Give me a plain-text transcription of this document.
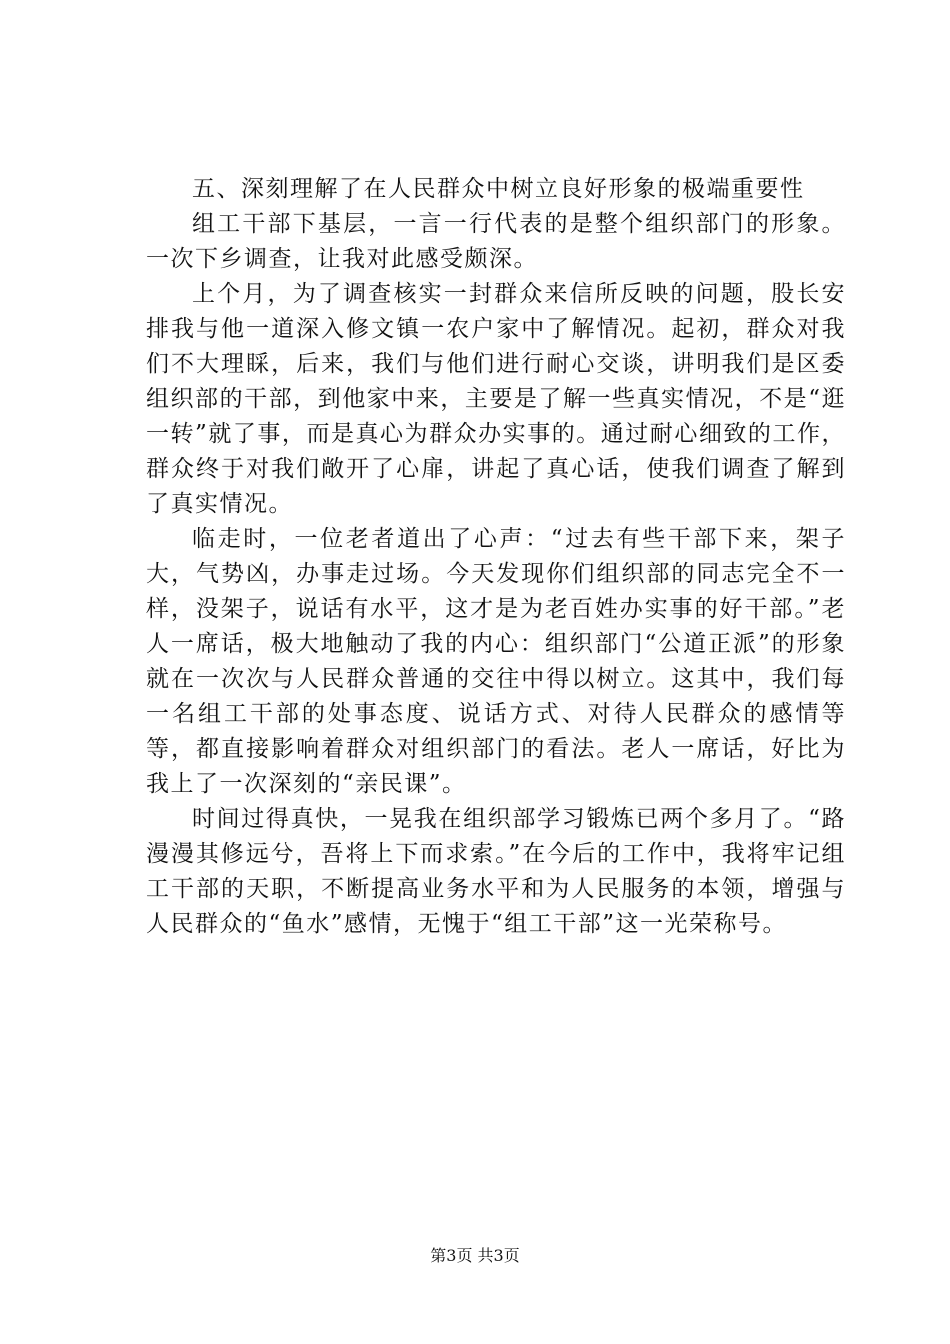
五、深刻理解了在人民群众中树立良好形象的极端重要性

组工干部下基层，一言一行代表的是整个组织部门的形象。一次下乡调查，让我对此感受颇深。

上个月，为了调查核实一封群众来信所反映的问题，股长安排我与他一道深入修文镇一农户家中了解情况。起初，群众对我们不大理睬，后来，我们与他们进行耐心交谈，讲明我们是区委组织部的干部，到他家中来，主要是了解一些真实情况，不是“逛一转”就了事，而是真心为群众办实事的。通过耐心细致的工作，群众终于对我们敞开了心扉，讲起了真心话，使我们调查了解到了真实情况。

临走时，一位老者道出了心声：“过去有些干部下来，架子大，气势凶，办事走过场。今天发现你们组织部的同志完全不一样，没架子，说话有水平，这才是为老百姓办实事的好干部。”老人一席话，极大地触动了我的内心：组织部门“公道正派”的形象就在一次次与人民群众普通的交往中得以树立。这其中，我们每一名组工干部的处事态度、说话方式、对待人民群众的感情等等，都直接影响着群众对组织部门的看法。老人一席话，好比为我上了一次深刻的“亲民课”。

时间过得真快，一晃我在组织部学习锻炼已两个多月了。“路漫漫其修远兮，吾将上下而求索。”在今后的工作中，我将牢记组工干部的天职，不断提高业务水平和为人民服务的本领，增强与人民群众的“鱼水”感情，无愧于“组工干部”这一光荣称号。

第3页 共3页
